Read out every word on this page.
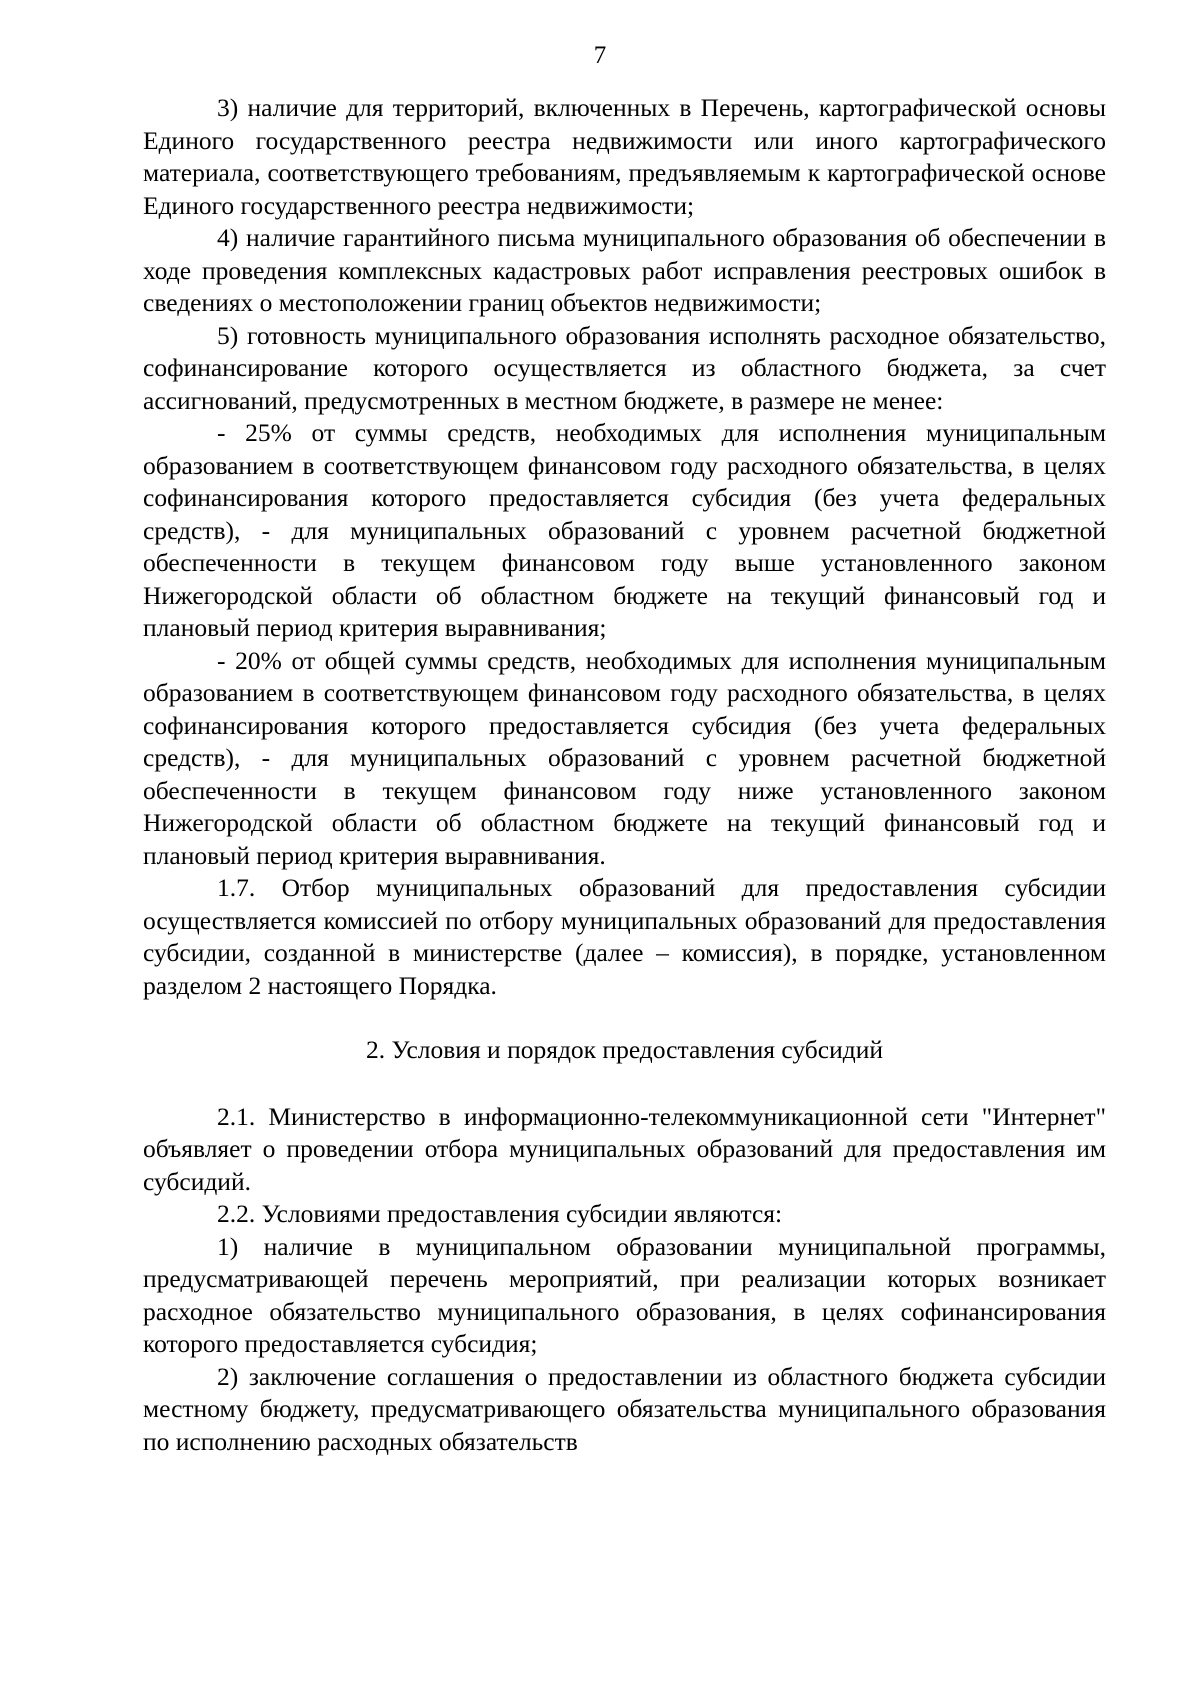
7

3) наличие для территорий, включенных в Перечень, картографической основы Единого государственного реестра недвижимости или иного картографического материала, соответствующего требованиям, предъявляемым к картографической основе Единого государственного реестра недвижимости;

4) наличие гарантийного письма муниципального образования об обеспечении в ходе проведения комплексных кадастровых работ исправления реестровых ошибок в сведениях о местоположении границ объектов недвижимости;

5) готовность муниципального образования исполнять расходное обязательство, софинансирование которого осуществляется из областного бюджета, за счет ассигнований, предусмотренных в местном бюджете, в размере не менее:

- 25% от суммы средств, необходимых для исполнения муниципальным образованием в соответствующем финансовом году расходного обязательства, в целях софинансирования которого предоставляется субсидия (без учета федеральных средств), - для муниципальных образований с уровнем расчетной бюджетной обеспеченности в текущем финансовом году выше установленного законом Нижегородской области об областном бюджете на текущий финансовый год и плановый период критерия выравнивания;

- 20% от общей суммы средств, необходимых для исполнения муниципальным образованием в соответствующем финансовом году расходного обязательства, в целях софинансирования которого предоставляется субсидия (без учета федеральных средств), - для муниципальных образований с уровнем расчетной бюджетной обеспеченности в текущем финансовом году ниже установленного законом Нижегородской области об областном бюджете на текущий финансовый год и плановый период критерия выравнивания.

1.7. Отбор муниципальных образований для предоставления субсидии осуществляется комиссией по отбору муниципальных образований для предоставления субсидии, созданной в министерстве (далее – комиссия), в порядке, установленном разделом 2 настоящего Порядка.

2. Условия и порядок предоставления субсидий

2.1. Министерство в информационно-телекоммуникационной сети "Интернет" объявляет о проведении отбора муниципальных образований для предоставления им субсидий.

2.2. Условиями предоставления субсидии являются:

1) наличие в муниципальном образовании муниципальной программы, предусматривающей перечень мероприятий, при реализации которых возникает расходное обязательство муниципального образования, в целях софинансирования которого предоставляется субсидия;

2) заключение соглашения о предоставлении из областного бюджета субсидии местному бюджету, предусматривающего обязательства муниципального образования по исполнению расходных обязательств
